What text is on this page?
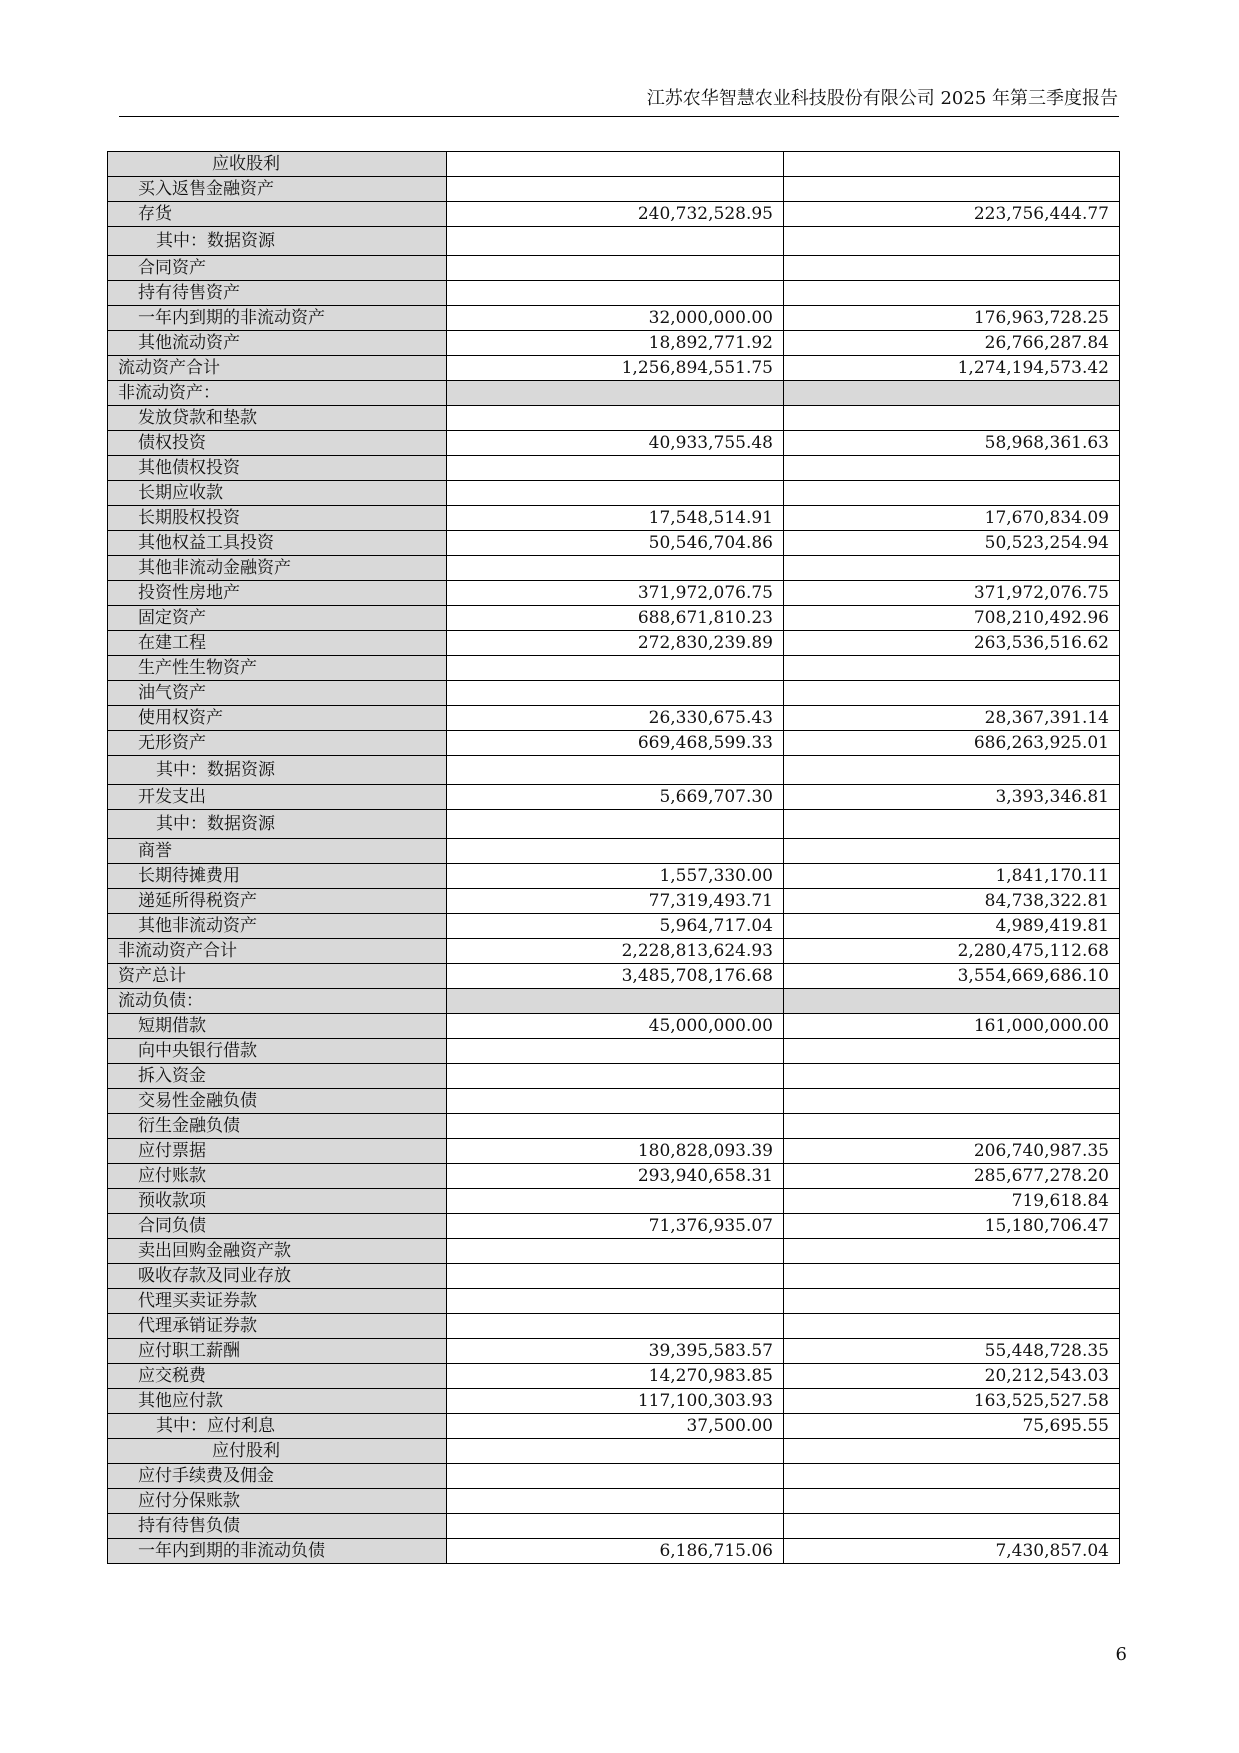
江苏农华智慧农业科技股份有限公司 2025 年第三季度报告
应收股利		
买入返售金融资产		
存货	240,732,528.95	223,756,444.77
其中：数据资源		
合同资产		
持有待售资产		
一年内到期的非流动资产	32,000,000.00	176,963,728.25
其他流动资产	18,892,771.92	26,766,287.84
流动资产合计	1,256,894,551.75	1,274,194,573.42
非流动资产：		
发放贷款和垫款		
债权投资	40,933,755.48	58,968,361.63
其他债权投资		
长期应收款		
长期股权投资	17,548,514.91	17,670,834.09
其他权益工具投资	50,546,704.86	50,523,254.94
其他非流动金融资产		
投资性房地产	371,972,076.75	371,972,076.75
固定资产	688,671,810.23	708,210,492.96
在建工程	272,830,239.89	263,536,516.62
生产性生物资产		
油气资产		
使用权资产	26,330,675.43	28,367,391.14
无形资产	669,468,599.33	686,263,925.01
其中：数据资源		
开发支出	5,669,707.30	3,393,346.81
其中：数据资源		
商誉		
长期待摊费用	1,557,330.00	1,841,170.11
递延所得税资产	77,319,493.71	84,738,322.81
其他非流动资产	5,964,717.04	4,989,419.81
非流动资产合计	2,228,813,624.93	2,280,475,112.68
资产总计	3,485,708,176.68	3,554,669,686.10
流动负债：		
短期借款	45,000,000.00	161,000,000.00
向中央银行借款		
拆入资金		
交易性金融负债		
衍生金融负债		
应付票据	180,828,093.39	206,740,987.35
应付账款	293,940,658.31	285,677,278.20
预收款项		719,618.84
合同负债	71,376,935.07	15,180,706.47
卖出回购金融资产款		
吸收存款及同业存放		
代理买卖证券款		
代理承销证券款		
应付职工薪酬	39,395,583.57	55,448,728.35
应交税费	14,270,983.85	20,212,543.03
其他应付款	117,100,303.93	163,525,527.58
其中：应付利息	37,500.00	75,695.55
应付股利		
应付手续费及佣金		
应付分保账款		
持有待售负债		
一年内到期的非流动负债	6,186,715.06	7,430,857.04
6
